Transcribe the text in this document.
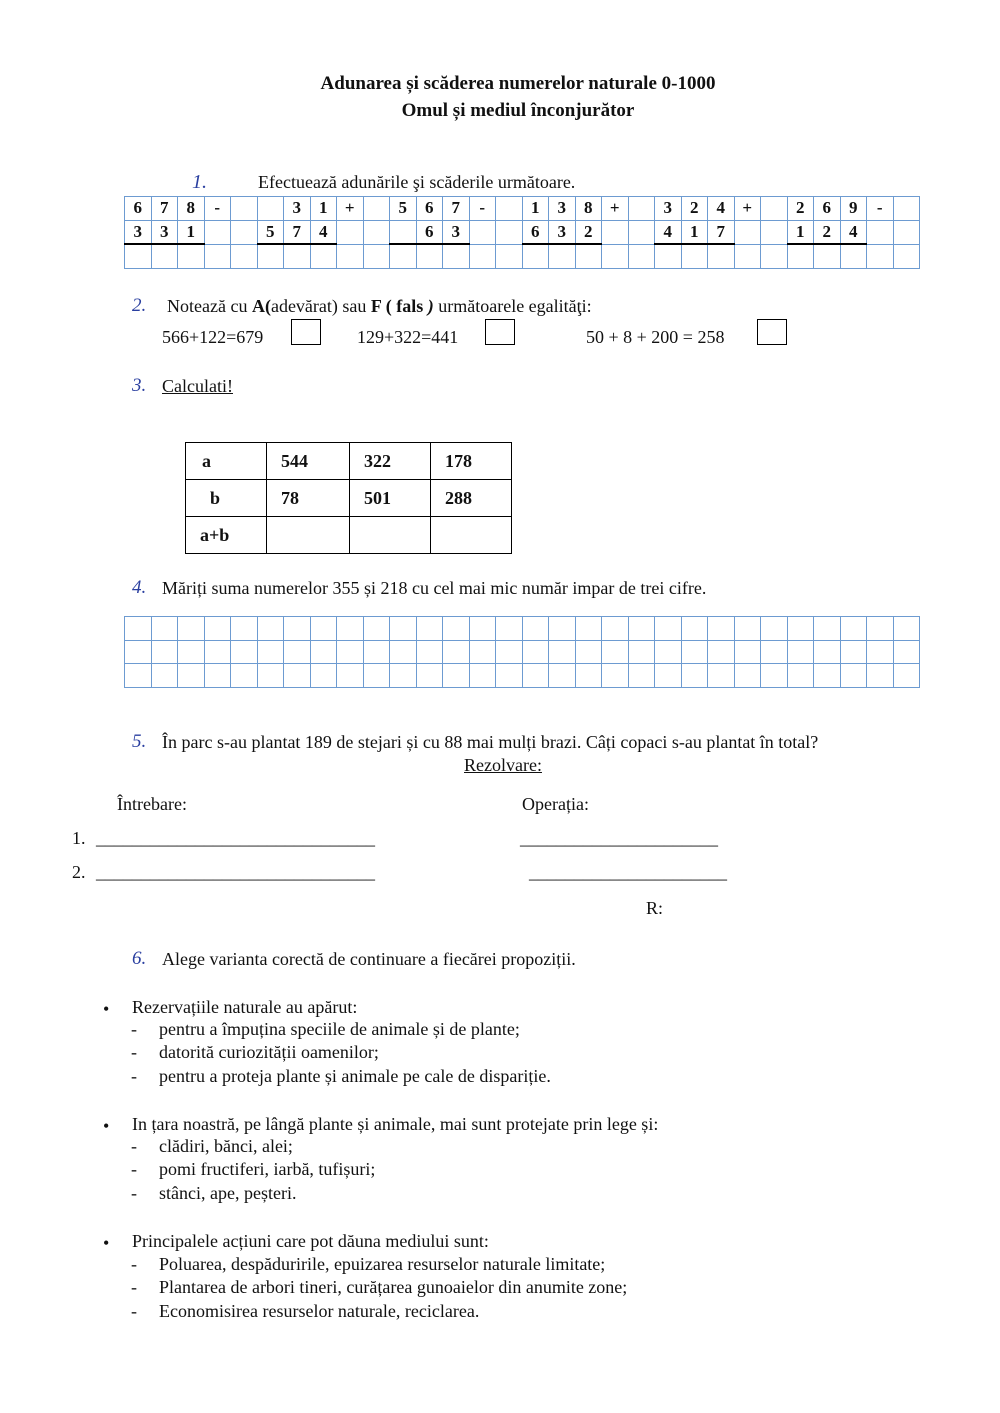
Adunarea și scăderea numerelor naturale 0-1000
Omul și mediul înconjurător
1.	Efectuează adunările şi scăderile următoare.
6	7	8	-			3	1	+		5	6	7	-		1	3	8	+		3	2	4	+		2	6	9	-	
3	3	1			5	7	4				6	3			6	3	2			4	1	7			1	2	4		

2. Notează cu A(adevărat) sau F ( fals ) următoarele egalităţi:
566+122=679	129+322=441	50 + 8 + 200 = 258
3. Calculati!
a	544	322	178
b	78	501	288
a+b			
4. Măriți suma numerelor 355 și 218 cu cel mai mic număr impar de trei cifre.

5. În parc s-au plantat 189 de stejari și cu 88 mai mulți brazi. Câți copaci s-au plantat în total?
Rezolvare:
Întrebare:	Operația:
1. _______________________________	______________________
2. _______________________________	______________________
R:
6. Alege varianta corectă de continuare a fiecărei propoziții.
• Rezervațiile naturale au apărut:
- pentru a împuțina speciile de animale și de plante;
- datorită curiozității oamenilor;
- pentru a proteja plante și animale pe cale de dispariție.
• In țara noastră, pe lângă plante și animale, mai sunt protejate prin lege și:
- clădiri, bănci, alei;
- pomi fructiferi, iarbă, tufișuri;
- stânci, ape, peșteri.
• Principalele acțiuni care pot dăuna mediului sunt:
- Poluarea, despăduririle, epuizarea resurselor naturale limitate;
- Plantarea de arbori tineri, curățarea gunoaielor din anumite zone;
- Economisirea resurselor naturale, reciclarea.
